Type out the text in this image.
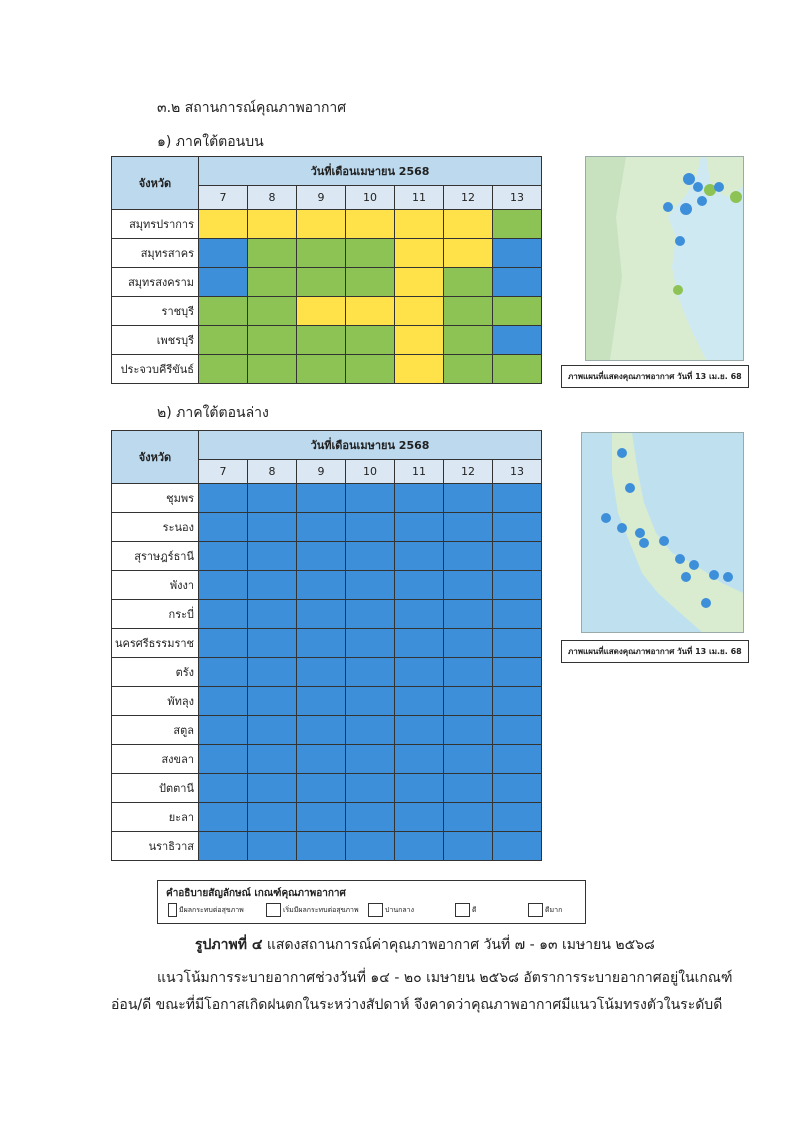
๓.๒ สถานการณ์คุณภาพอากาศ
๑) ภาคใต้ตอนบน
จังหวัด	วันที่เดือนเมษายน 2568						
	7	8	9	10	11	12	13
สมุทรปราการ							
สมุทรสาคร							
สมุทรสงคราม							
ราชบุรี							
เพชรบุรี							
ประจวบคีรีขันธ์							
ภาพแผนที่แสดงคุณภาพอากาศ วันที่ 13 เม.ย. 68
๒) ภาคใต้ตอนล่าง
จังหวัด	วันที่เดือนเมษายน 2568						
	7	8	9	10	11	12	13
ชุมพร							
ระนอง							
สุราษฎร์ธานี							
พังงา							
กระบี่							
นครศรีธรรมราช							
ตรัง							
พัทลุง							
สตูล							
สงขลา							
ปัตตานี							
ยะลา							
นราธิวาส							
ภาพแผนที่แสดงคุณภาพอากาศ วันที่ 13 เม.ย. 68
คำอธิบายสัญลักษณ์ เกณฑ์คุณภาพอากาศ
มีผลกระทบต่อสุขภาพ	เริ่มมีผลกระทบต่อสุขภาพ	ปานกลาง	ดี	ดีมาก
รูปภาพที่ ๔ แสดงสถานการณ์ค่าคุณภาพอากาศ วันที่ ๗ - ๑๓ เมษายน ๒๕๖๘
แนวโน้มการระบายอากาศช่วงวันที่ ๑๔ - ๒๐ เมษายน ๒๕๖๘ อัตราการระบายอากาศอยู่ในเกณฑ์
อ่อน/ดี ขณะที่มีโอกาสเกิดฝนตกในระหว่างสัปดาห์ จึงคาดว่าคุณภาพอากาศมีแนวโน้มทรงตัวในระดับดี
